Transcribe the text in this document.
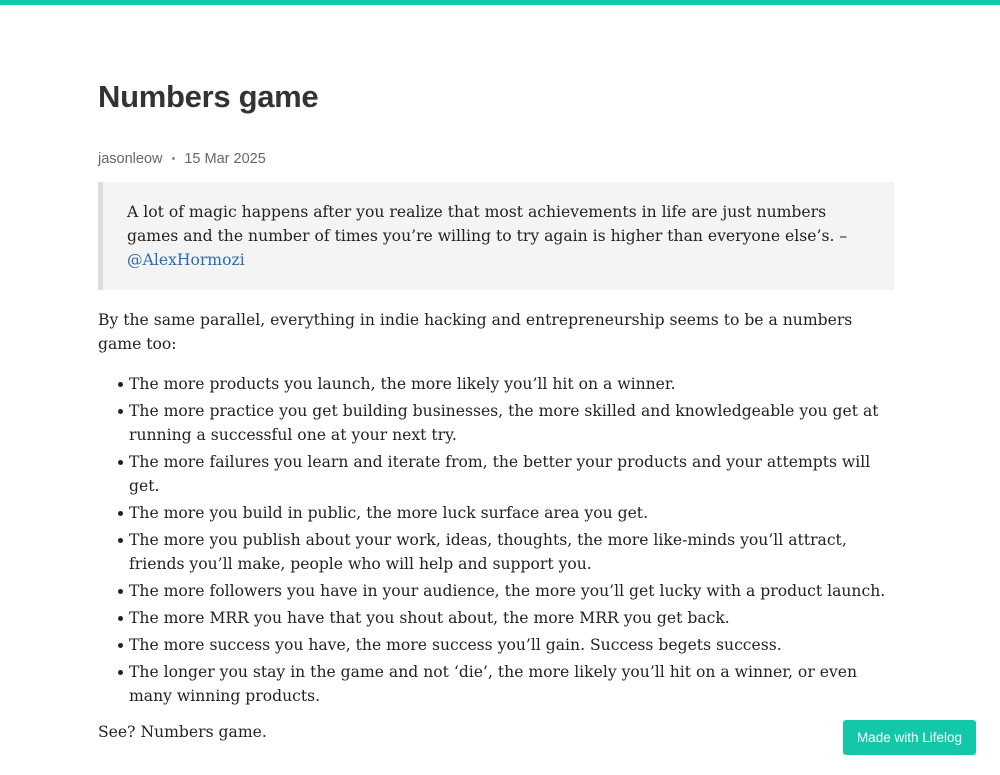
Numbers game
jasonleow • 15 Mar 2025
A lot of magic happens after you realize that most achievements in life are just numbers games and the number of times you’re willing to try again is higher than everyone else’s. – @AlexHormozi

By the same parallel, everything in indie hacking and entrepreneurship seems to be a numbers game too:

The more products you launch, the more likely you’ll hit on a winner.
The more practice you get building businesses, the more skilled and knowledgeable you get at running a successful one at your next try.
The more failures you learn and iterate from, the better your products and your attempts will get.
The more you build in public, the more luck surface area you get.
The more you publish about your work, ideas, thoughts, the more like-minds you’ll attract, friends you’ll make, people who will help and support you.
The more followers you have in your audience, the more you’ll get lucky with a product launch.
The more MRR you have that you shout about, the more MRR you get back.
The more success you have, the more success you’ll gain. Success begets success.
The longer you stay in the game and not ‘die’, the more likely you’ll hit on a winner, or even many winning products.

See? Numbers game.	Made with Lifelog
